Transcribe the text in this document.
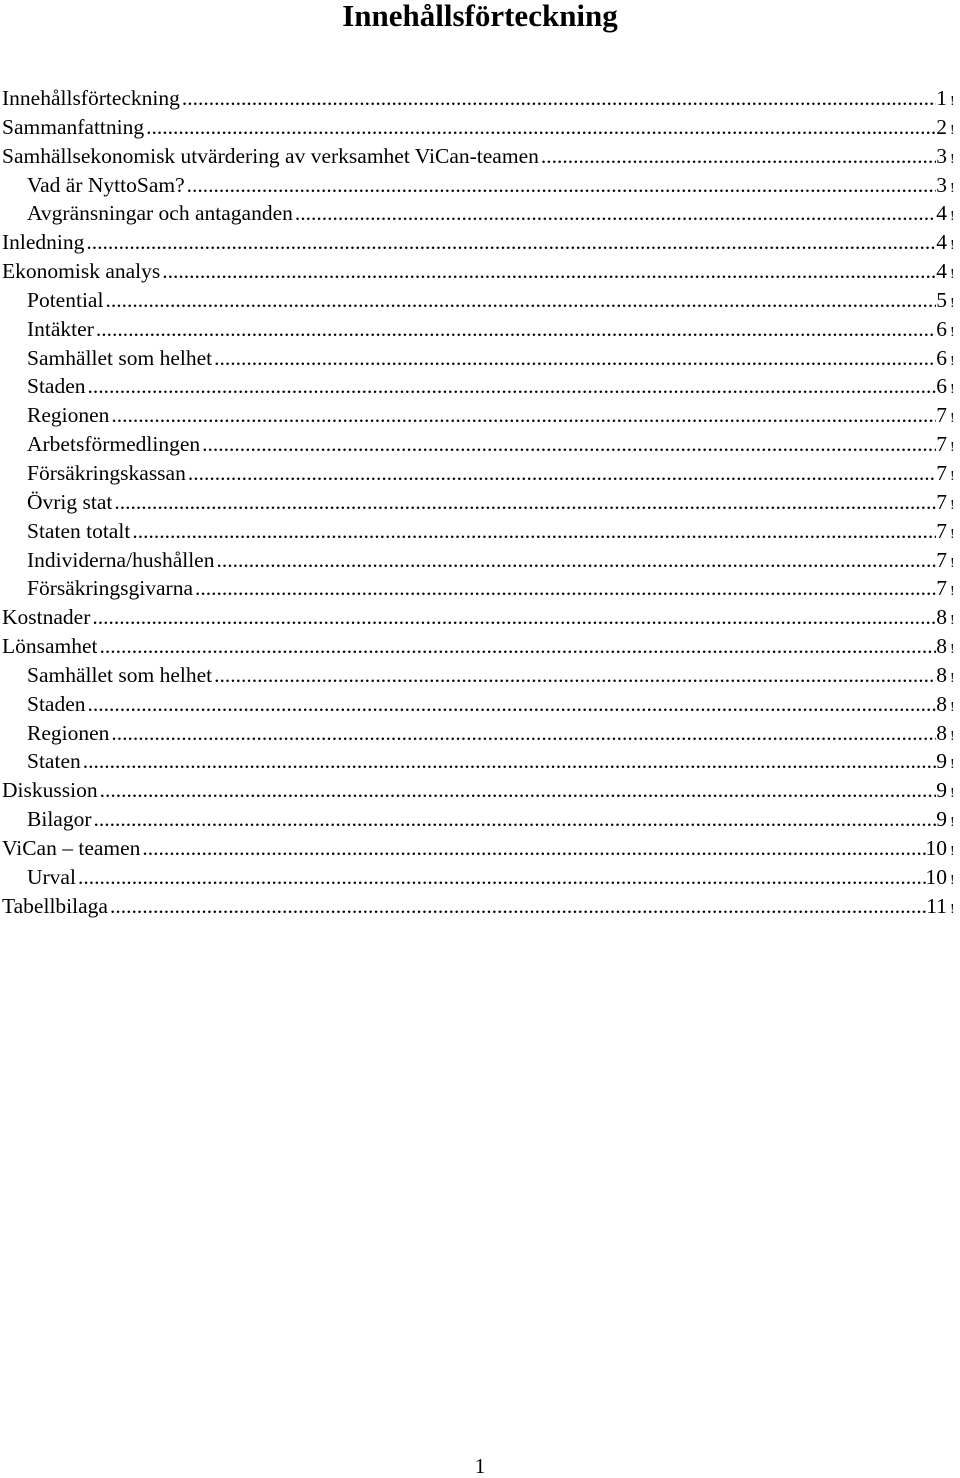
Innehållsförteckning
Innehållsförteckning .....	1 !
Sammanfattning .....	2 !
Samhällsekonomisk utvärdering av verksamhet ViCan-teamen .....	3 !
Vad är NyttoSam? .....	3 !
Avgränsningar och antaganden .....	4 !
Inledning .....	4 !
Ekonomisk analys .....	4 !
Potential .....	5 !
Intäkter .....	6 !
Samhället som helhet .....	6 !
Staden .....	6 !
Regionen .....	7 !
Arbetsförmedlingen .....	7 !
Försäkringskassan .....	7 !
Övrig stat .....	7 !
Staten totalt .....	7 !
Individerna/hushållen .....	7 !
Försäkringsgivarna .....	7 !
Kostnader .....	8 !
Lönsamhet .....	8 !
Samhället som helhet .....	8 !
Staden .....	8 !
Regionen .....	8 !
Staten .....	9 !
Diskussion .....	9 !
Bilagor .....	9 !
ViCan – teamen .....	10 !
Urval .....	10 !
Tabellbilaga .....	11 !
1
